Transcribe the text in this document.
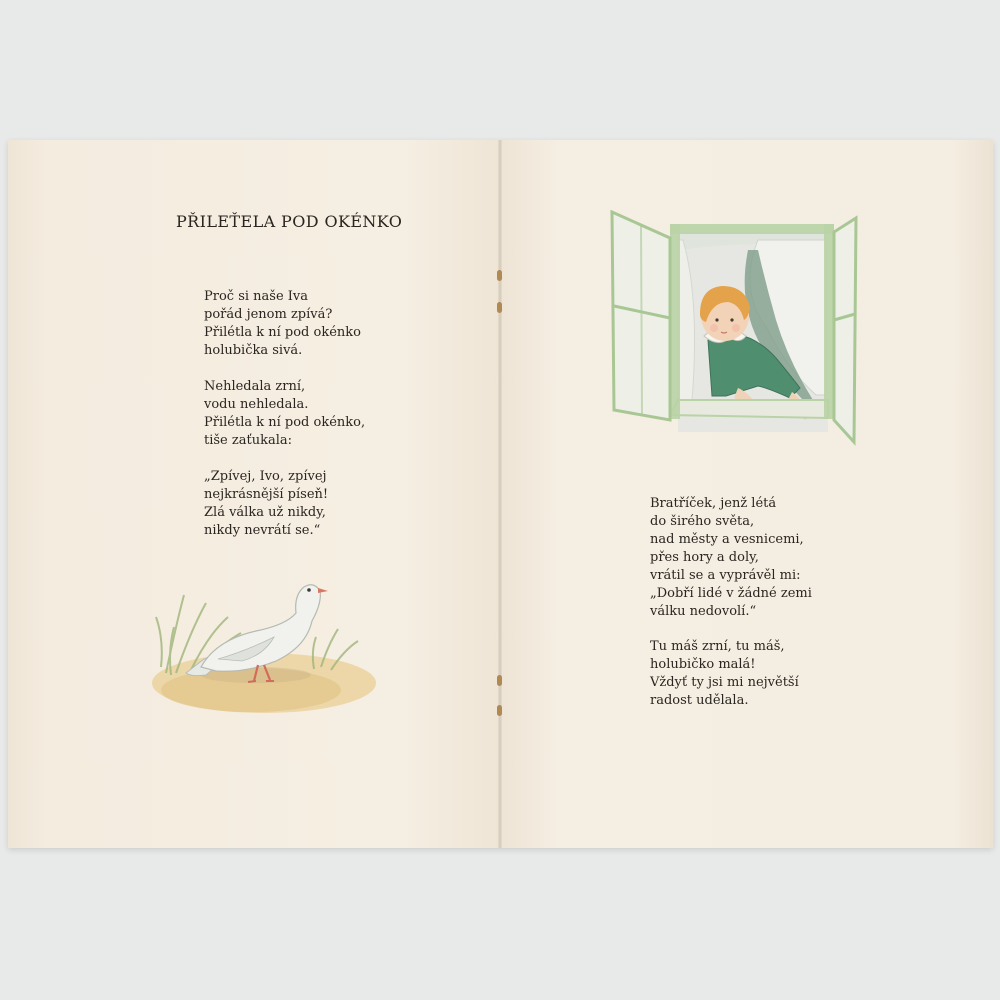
PŘILEŤELA POD OKÉNKO
Proč si naše Iva
pořád jenom zpívá?
Přilétla k ní pod okénko
holubička sivá.
Nehledala zrní,
vodu nehledala.
Přilétla k ní pod okénko,
tiše zaťukala:
„Zpívej, Ivo, zpívej
nejkrásnější píseň!
Zlá válka už nikdy,
nikdy nevrátí se.“
Bratříček, jenž létá
do širého světa,
nad městy a vesnicemi,
přes hory a doly,
vrátil se a vyprávěl mi:
„Dobří lidé v žádné zemi
válku nedovolí.“
Tu máš zrní, tu máš,
holubičko malá!
Vždyť ty jsi mi největší
radost udělala.
